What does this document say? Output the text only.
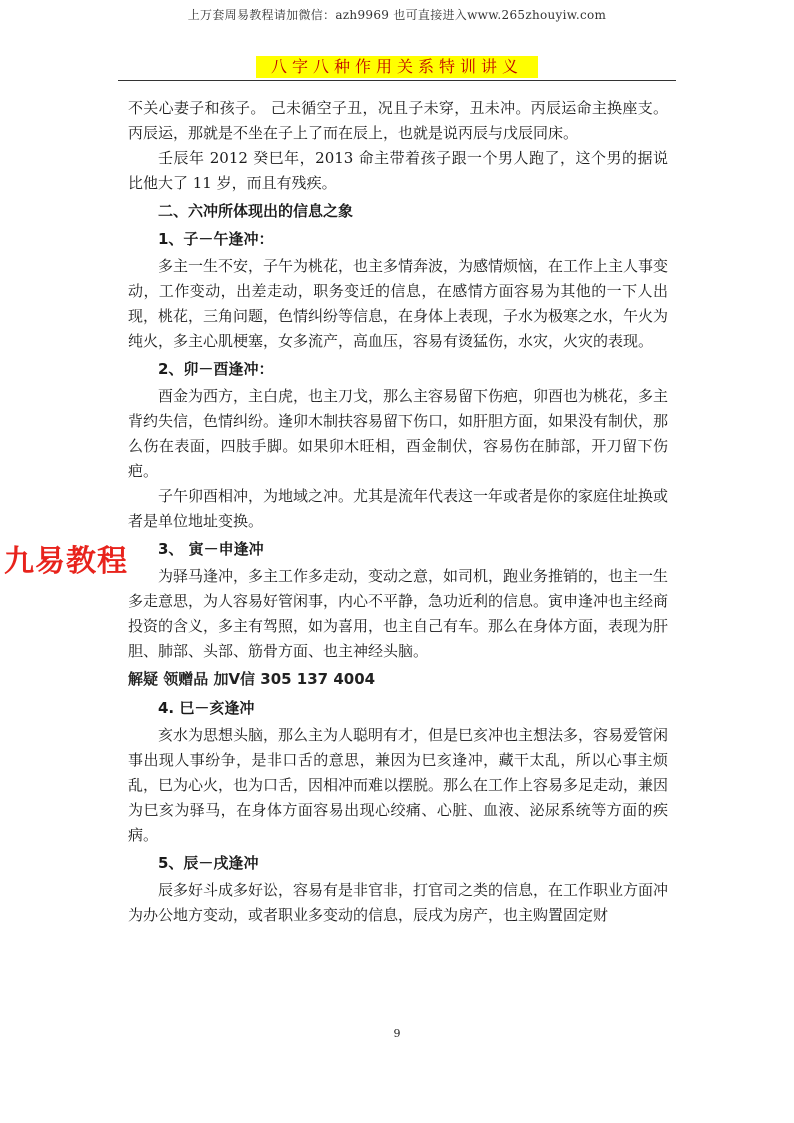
上万套周易教程请加微信：azh9969 也可直接进入www.265zhouyiw.com
八字八种作用关系特训讲义

不关心妻子和孩子。 己未循空子丑，况且子未穿，丑未冲。丙辰运命主换座支。丙辰运，那就是不坐在子上了而在辰上，也就是说丙辰与戊辰同床。

壬辰年 2012 癸巳年，2013 命主带着孩子跟一个男人跑了，这个男的据说比他大了 11 岁，而且有残疾。

二、六冲所体现出的信息之象
1、子－午逢冲：

多主一生不安，子午为桃花，也主多情奔波，为感情烦恼，在工作上主人事变动，工作变动，出差走动，职务变迁的信息，在感情方面容易为其他的一下人出现，桃花，三角问题，色情纠纷等信息，在身体上表现，子水为极寒之水，午火为纯火，多主心肌梗塞，女多流产，高血压，容易有烫猛伤，水灾，火灾的表现。

2、卯－酉逢冲：

酉金为西方，主白虎，也主刀戈，那么主容易留下伤疤，卯酉也为桃花，多主背约失信，色情纠纷。逢卯木制扶容易留下伤口，如肝胆方面，如果没有制伏，那么伤在表面，四肢手脚。如果卯木旺相，酉金制伏，容易伤在肺部，开刀留下伤疤。

子午卯酉相冲，为地域之冲。尤其是流年代表这一年或者是你的家庭住址换或者是单位地址变换。

3、 寅－申逢冲

为驿马逢冲，多主工作多走动，变动之意，如司机，跑业务推销的，也主一生多走意思，为人容易好管闲事，内心不平静，急功近利的信息。寅申逢冲也主经商投资的含义，多主有驾照，如为喜用，也主自己有车。那么在身体方面，表现为肝胆、肺部、头部、筋骨方面、也主神经头脑。

解疑 领赠品 加V信 305 137 4004
4. 巳－亥逢冲

亥水为思想头脑，那么主为人聪明有才，但是巳亥冲也主想法多，容易爱管闲事出现人事纷争，是非口舌的意思，兼因为巳亥逢冲，藏干太乱，所以心事主烦乱，巳为心火，也为口舌，因相冲而难以摆脱。那么在工作上容易多足走动，兼因为巳亥为驿马，在身体方面容易出现心绞痛、心脏、血液、泌尿系统等方面的疾病。

5、辰－戌逢冲

辰多好斗成多好讼，容易有是非官非，打官司之类的信息，在工作职业方面冲为办公地方变动，或者职业多变动的信息，辰戌为房产，也主购置固定财

九易教程
9
